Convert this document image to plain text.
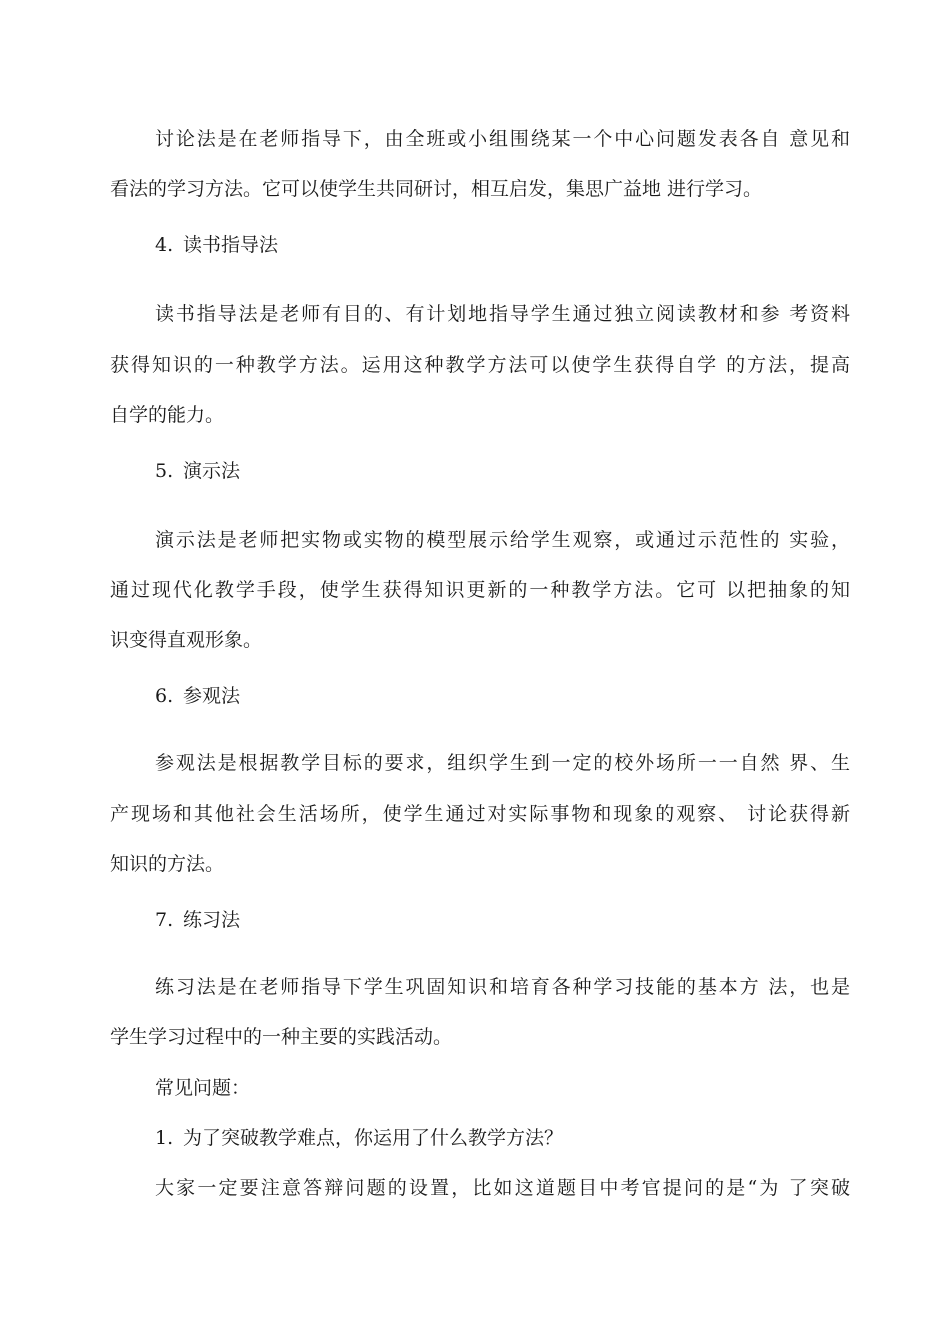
讨论法是在老师指导下，由全班或小组围绕某一个中心问题发表各自 意见和
看法的学习方法。它可以使学生共同研讨，相互启发，集思广益地 进行学习。
4. 读书指导法
读书指导法是老师有目的、有计划地指导学生通过独立阅读教材和参 考资料
获得知识的一种教学方法。运用这种教学方法可以使学生获得自学 的方法，提高
自学的能力。
5. 演示法
演示法是老师把实物或实物的模型展示给学生观察，或通过示范性的 实验，
通过现代化教学手段，使学生获得知识更新的一种教学方法。它可 以把抽象的知
识变得直观形象。
6. 参观法
参观法是根据教学目标的要求，组织学生到一定的校外场所一一自然 界、生
产现场和其他社会生活场所，使学生通过对实际事物和现象的观察、 讨论获得新
知识的方法。
7. 练习法
练习法是在老师指导下学生巩固知识和培育各种学习技能的基本方 法，也是
学生学习过程中的一种主要的实践活动。
常见问题：
1. 为了突破教学难点，你运用了什么教学方法？
大家一定要注意答辩问题的设置，比如这道题目中考官提问的是“为 了突破
